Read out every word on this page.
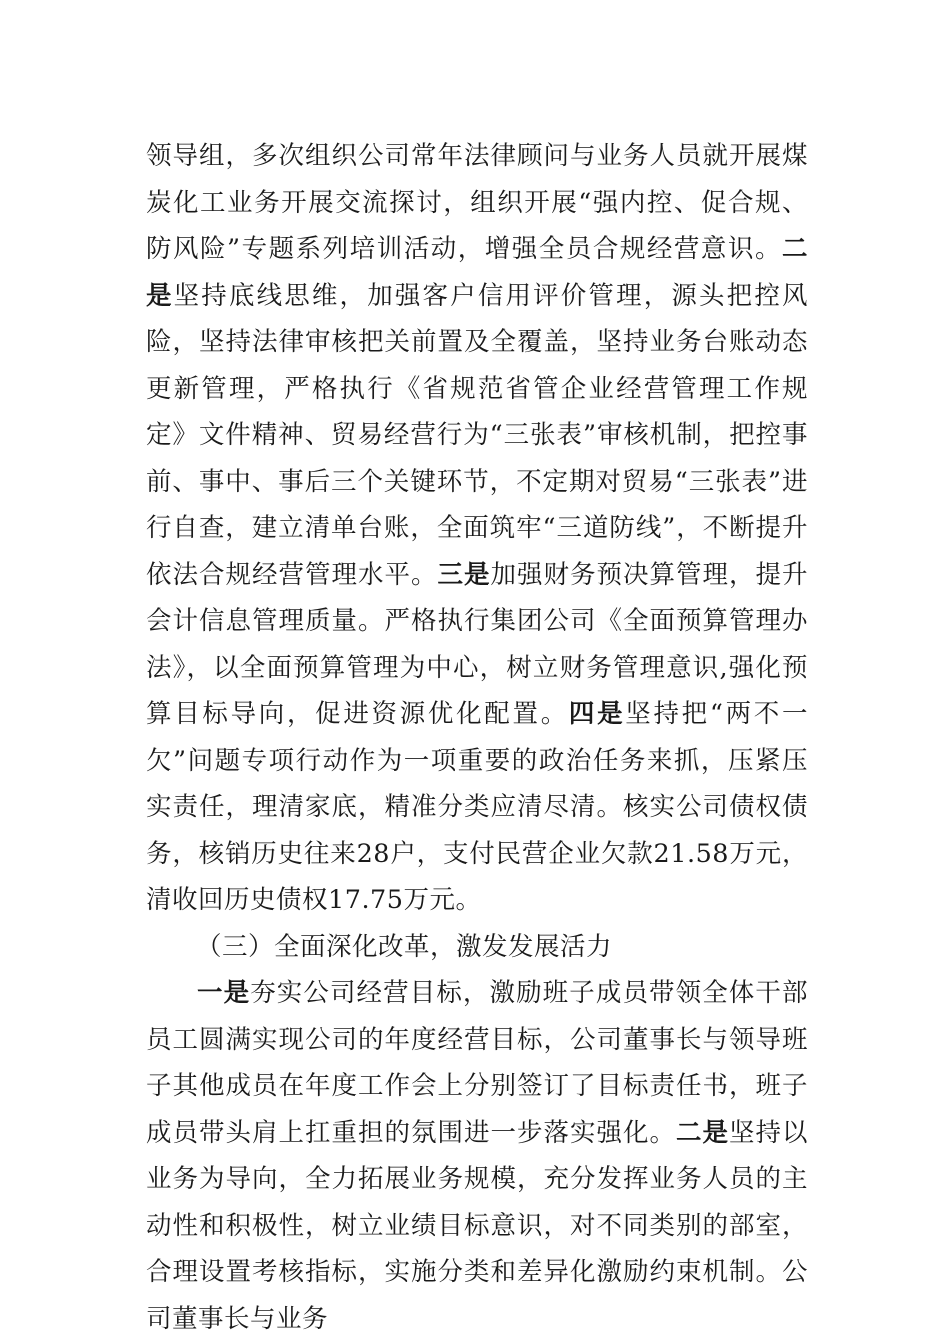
领导组，多次组织公司常年法律顾问与业务人员就开展煤炭化工业务开展交流探讨，组织开展“强内控、促合规、防风险”专题系列培训活动，增强全员合规经营意识。二是坚持底线思维，加强客户信用评价管理，源头把控风险，坚持法律审核把关前置及全覆盖，坚持业务台账动态更新管理，严格执行《省规范省管企业经营管理工作规定》文件精神、贸易经营行为“三张表”审核机制，把控事前、事中、事后三个关键环节，不定期对贸易“三张表”进行自查，建立清单台账，全面筑牢“三道防线”，不断提升依法合规经营管理水平。三是加强财务预决算管理，提升会计信息管理质量。严格执行集团公司《全面预算管理办法》，以全面预算管理为中心，树立财务管理意识,强化预算目标导向，促进资源优化配置。四是坚持把“两不一欠”问题专项行动作为一项重要的政治任务来抓，压紧压实责任，理清家底，精准分类应清尽清。核实公司债权债务，核销历史往来28户，支付民营企业欠款21.58万元，清收回历史债权17.75万元。

（三）全面深化改革，激发发展活力

一是夯实公司经营目标，激励班子成员带领全体干部员工圆满实现公司的年度经营目标，公司董事长与领导班子其他成员在年度工作会上分别签订了目标责任书，班子成员带头肩上扛重担的氛围进一步落实强化。二是坚持以业务为导向，全力拓展业务规模，充分发挥业务人员的主动性和积极性，树立业绩目标意识，对不同类别的部室，合理设置考核指标，实施分类和差异化激励约束机制。公司董事长与业务
